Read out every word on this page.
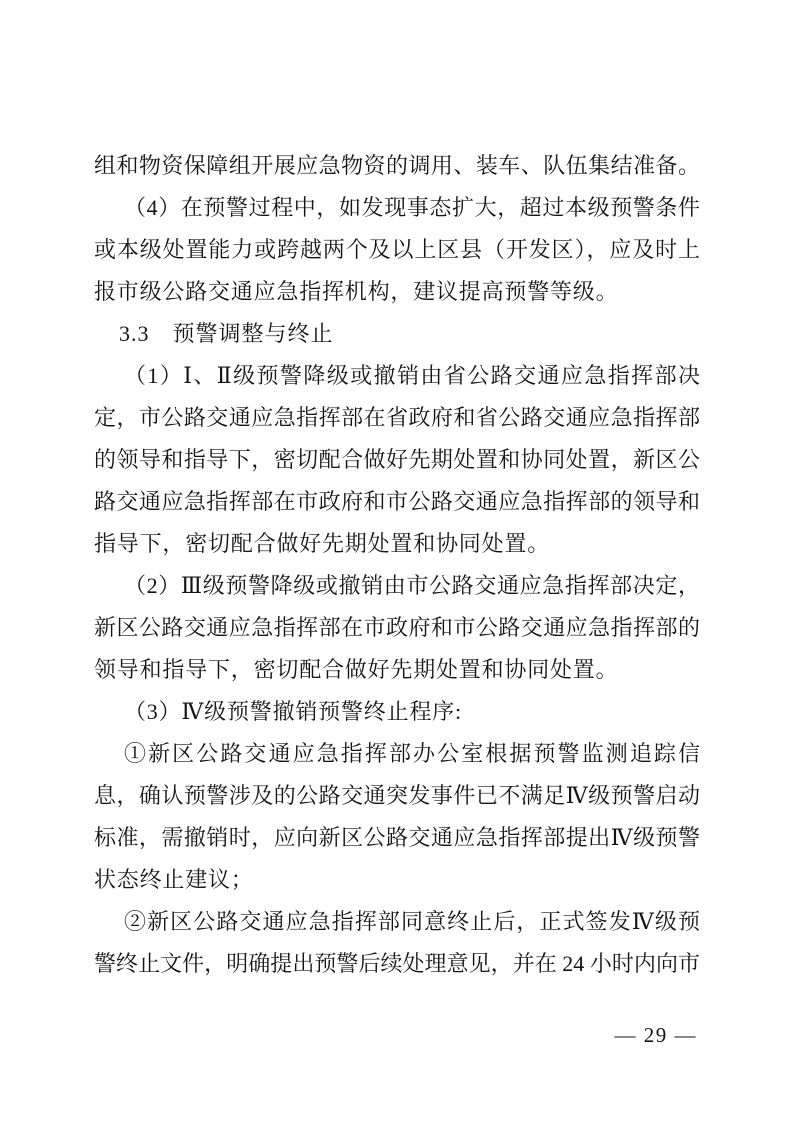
组和物资保障组开展应急物资的调用、装车、队伍集结准备。
（4）在预警过程中，如发现事态扩大，超过本级预警条件
或本级处置能力或跨越两个及以上区县（开发区），应及时上
报市级公路交通应急指挥机构，建议提高预警等级。
3.3　预警调整与终止
（1）Ⅰ、Ⅱ级预警降级或撤销由省公路交通应急指挥部决
定，市公路交通应急指挥部在省政府和省公路交通应急指挥部
的领导和指导下，密切配合做好先期处置和协同处置，新区公
路交通应急指挥部在市政府和市公路交通应急指挥部的领导和
指导下，密切配合做好先期处置和协同处置。
（2）Ⅲ级预警降级或撤销由市公路交通应急指挥部决定，
新区公路交通应急指挥部在市政府和市公路交通应急指挥部的
领导和指导下，密切配合做好先期处置和协同处置。
（3）Ⅳ级预警撤销预警终止程序:
①新区公路交通应急指挥部办公室根据预警监测追踪信
息，确认预警涉及的公路交通突发事件已不满足Ⅳ级预警启动
标准，需撤销时，应向新区公路交通应急指挥部提出Ⅳ级预警
状态终止建议；
②新区公路交通应急指挥部同意终止后，正式签发Ⅳ级预
警终止文件，明确提出预警后续处理意见，并在 24 小时内向市
— 29 —
